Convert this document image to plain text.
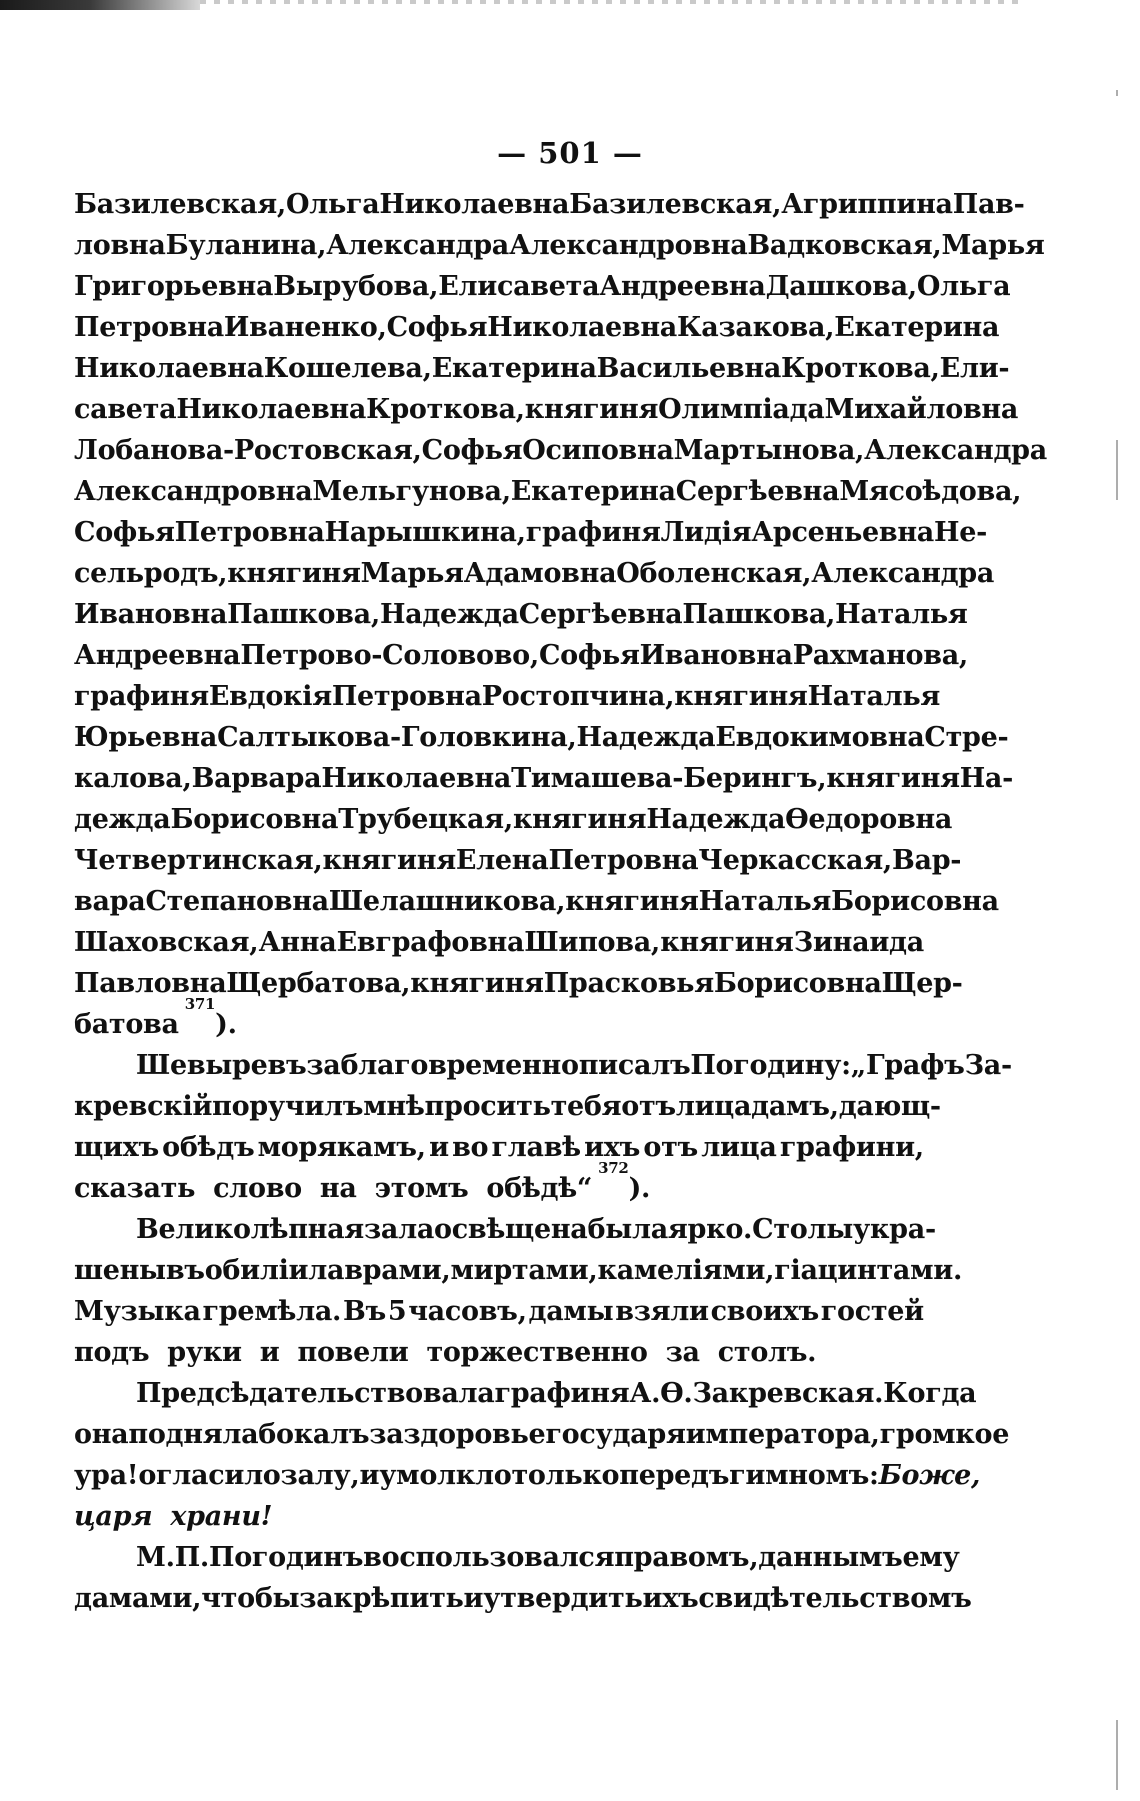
— 501 —
Базилевская, Ольга Николаевна Базилевская, Агриппина Пав-
ловна Буланина, Александра Александровна Вадковская, Марья
Григорьевна Вырубова, Елисавета Андреевна Дашкова, Ольга
Петровна Иваненко, Софья Николаевна Казакова, Екатерина
Николаевна Кошелева, Екатерина Васильевна Кроткова, Ели-
савета Николаевна Кроткова, княгиня Олимпіада Михайловна
Лобанова-Ростовская, Софья Осиповна Мартынова, Александра
Александровна Мельгунова, Екатерина Сергѣевна Мясоѣдова,
Софья Петровна Нарышкина, графиня Лидія Арсеньевна Не-
сельродъ, княгиня Марья Адамовна Оболенская, Александра
Ивановна Пашкова, Надежда Сергѣевна Пашкова, Наталья
Андреевна Петрово-Соловово, Софья Ивановна Рахманова,
графиня Евдокія Петровна Ростопчина, княгиня Наталья
Юрьевна Салтыкова-Головкина, Надежда Евдокимовна Стре-
калова, Варвара Николаевна Тимашева-Берингъ, княгиня На-
дежда Борисовна Трубецкая, княгиня Надежда Өедоровна
Четвертинская, княгиня Елена Петровна Черкасская, Вар-
вара Степановна Шелашникова, княгиня Наталья Борисовна
Шаховская, Анна Евграфовна Шипова, княгиня Зинаида
Павловна Щербатова, княгиня Прасковья Борисовна Щер-
батова
371
).
Шевыревъ заблаговременно писалъ Погодину: „Графъ За-
кревскій поручилъ мнѣ просить тебя отъ лица дамъ, дающ-
щихъ обѣдъ морякамъ, и во главѣ ихъ отъ лица графини,
сказать слово на этомъ обѣдѣ“
372
).
Великолѣпная зала освѣщена была ярко. Столы укра-
шены въ обиліи лаврами, миртами, камеліями, гіацинтами.
Музыка гремѣла. Въ 5 часовъ, дамы взяли своихъ гостей
подъ руки и повели торжественно за столъ.
Предсѣдательствовала графиня А. Ө. Закревская. Когда
она подняла бокалъ за здоровье государя императора, громкое
ура! огласило залу, и умолкло только передъ гимномъ: Боже,
царя храни!
М. П. Погодинъ воспользовался правомъ, даннымъ ему
дамами, чтобы закрѣпить и утвердить ихъ свидѣтельствомъ
